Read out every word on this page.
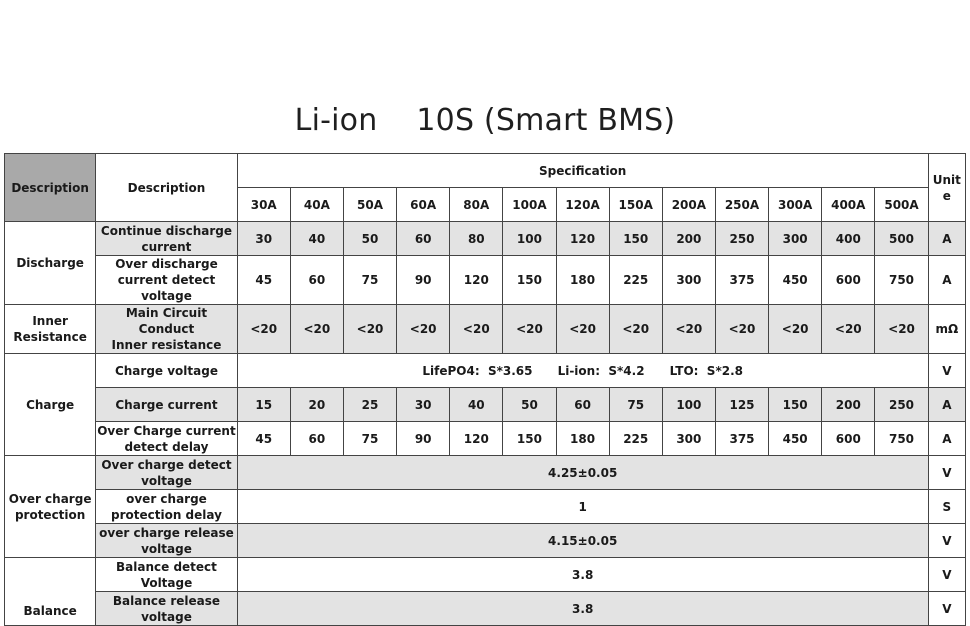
Li-ion    10S (Smart BMS)
Description	Description	Specification													Unit
e
		30A	40A	50A	60A	80A	100A	120A	150A	200A	250A	300A	400A	500A	
Discharge	Continue discharge
current	30	40	50	60	80	100	120	150	200	250	300	400	500	A
	Over discharge
current detect voltage	45	60	75	90	120	150	180	225	300	375	450	600	750	A
Inner
Resistance	Main Circuit Conduct
Inner resistance	<20	<20	<20	<20	<20	<20	<20	<20	<20	<20	<20	<20	<20	mΩ
Charge	Charge voltage	LifePO4:  S*3.65      Li-ion:  S*4.2      LTO:  S*2.8													V
	Charge current	15	20	25	30	40	50	60	75	100	125	150	200	250	A
	Over Charge current
detect delay	45	60	75	90	120	150	180	225	300	375	450	600	750	A
Over charge
protection	Over charge detect
voltage	4.25±0.05													V
	over charge
protection delay	1													S
	over charge release
voltage	4.15±0.05													V
Balance	Balance detect
Voltage	3.8													V
	Balance release
voltage	3.8													V
